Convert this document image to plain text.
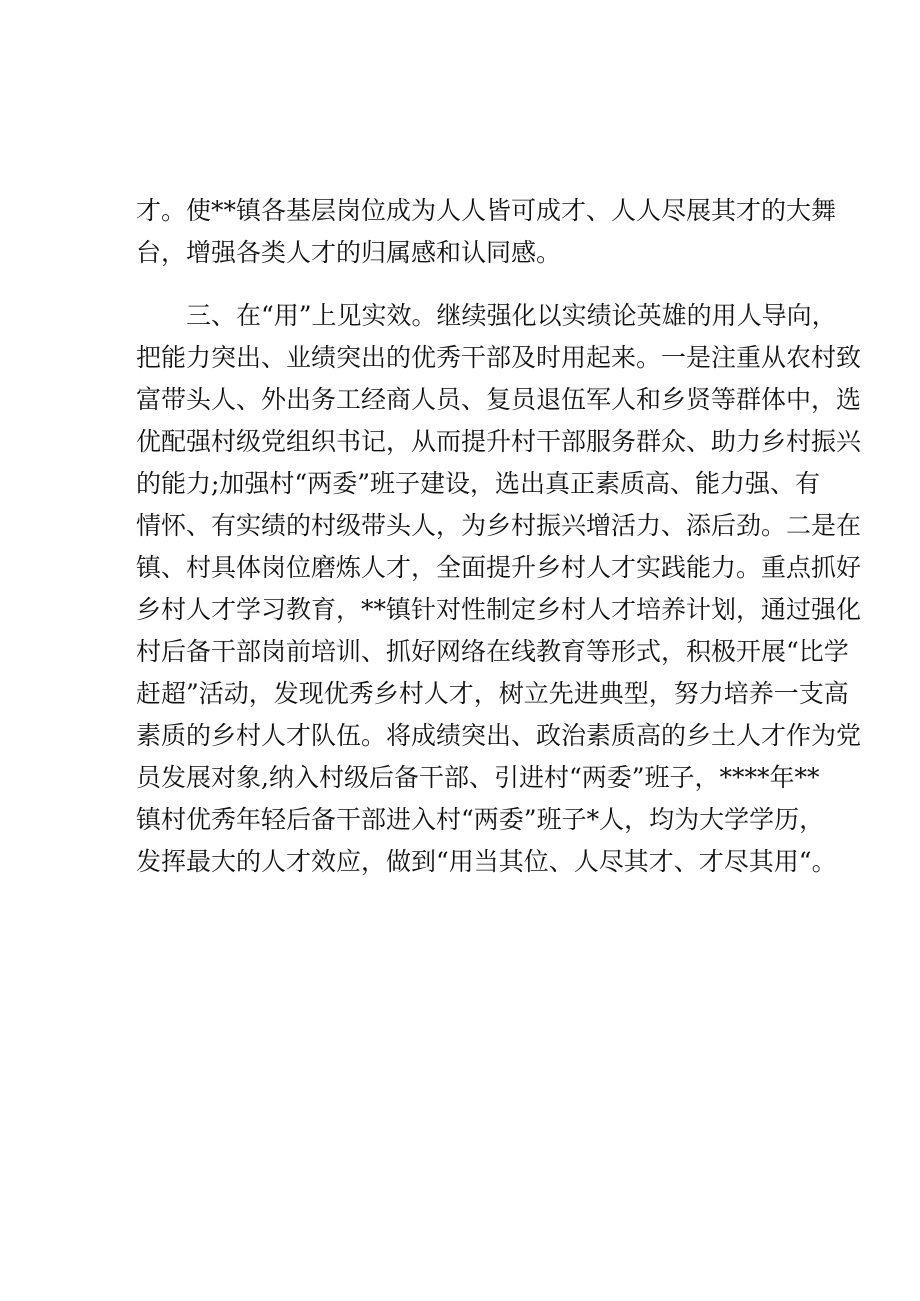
才。使**镇各基层岗位成为人人皆可成才、人人尽展其才的大舞
台，增强各类人才的归属感和认同感。
三、在“用”上见实效。继续强化以实绩论英雄的用人导向，
把能力突出、业绩突出的优秀干部及时用起来。一是注重从农村致
富带头人、外出务工经商人员、复员退伍军人和乡贤等群体中，选
优配强村级党组织书记，从而提升村干部服务群众、助力乡村振兴
的能力;加强村“两委”班子建设，选出真正素质高、能力强、有
情怀、有实绩的村级带头人，为乡村振兴增活力、添后劲。二是在
镇、村具体岗位磨炼人才，全面提升乡村人才实践能力。重点抓好
乡村人才学习教育，**镇针对性制定乡村人才培养计划，通过强化
村后备干部岗前培训、抓好网络在线教育等形式，积极开展“比学
赶超”活动，发现优秀乡村人才，树立先进典型，努力培养一支高
素质的乡村人才队伍。将成绩突出、政治素质高的乡土人才作为党
员发展对象,纳入村级后备干部、引进村“两委”班子，****年**
镇村优秀年轻后备干部进入村“两委”班子*人，均为大学学历，
发挥最大的人才效应，做到“用当其位、人尽其才、才尽其用“。
